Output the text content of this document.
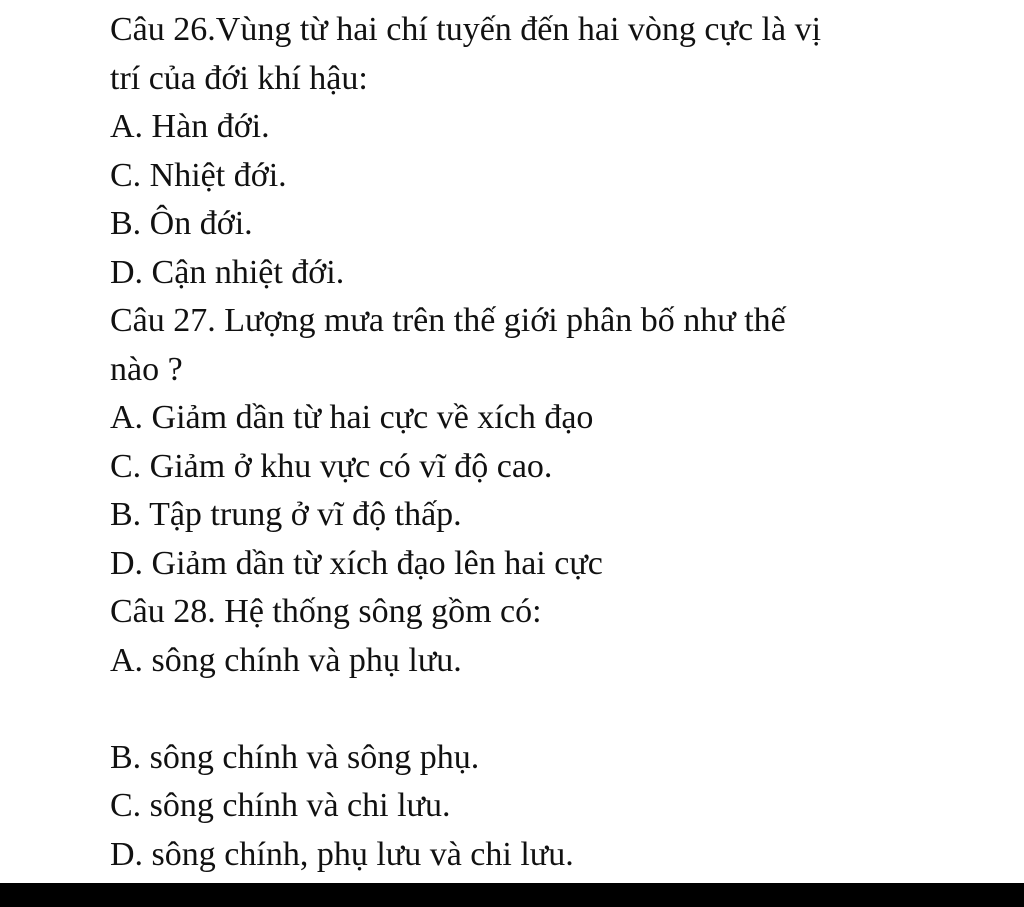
Câu 26.Vùng từ hai chí tuyến đến hai vòng cực là vị
trí của đới khí hậu:
A. Hàn đới.
C. Nhiệt đới.
B. Ôn đới.
D. Cận nhiệt đới.
Câu 27. Lượng mưa trên thế giới phân bố như thế
nào ?
A. Giảm dần từ hai cực về xích đạo
C. Giảm ở khu vực có vĩ độ cao.
B. Tập trung ở vĩ độ thấp.
D. Giảm dần từ xích đạo lên hai cực
Câu 28. Hệ thống sông gồm có:
A. sông chính và phụ lưu.
B. sông chính và sông phụ.
C. sông chính và chi lưu.
D. sông chính, phụ lưu và chi lưu.
